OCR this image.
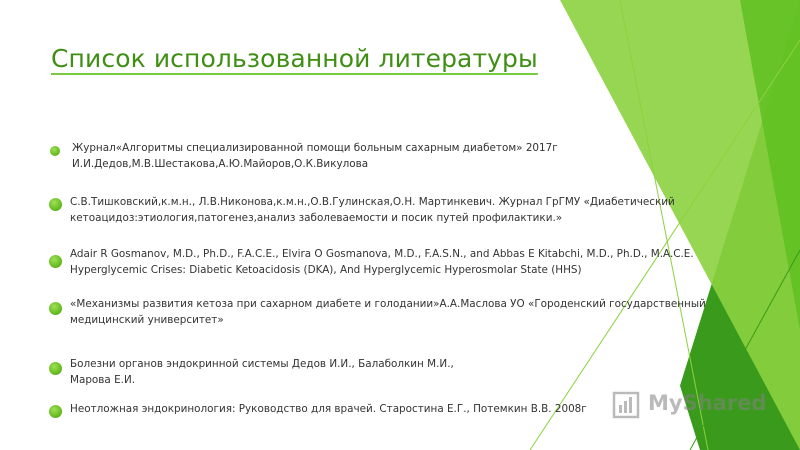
Список использованной литературы
Журнал«Алгоритмы специализированной помощи больным сахарным диабетом» 2017г
И.И.Дедов,М.В.Шестакова,А.Ю.Майоров,О.К.Викулова
С.В.Тишковский,к.м.н., Л.В.Никонова,к.м.н.,О.В.Гулинская,О.Н. Мартинкевич. Журнал ГрГМУ «Диабетический
кетоацидоз:этиология,патогенез,анализ заболеваемости и посик путей профилактики.»
Adair R Gosmanov, M.D., Ph.D., F.A.C.E., Elvira O Gosmanova, M.D., F.A.S.N., and Abbas E Kitabchi, M.D., Ph.D., M.A.C.E.
Hyperglycemic Crises: Diabetic Ketoacidosis (DKA), And Hyperglycemic Hyperosmolar State (HHS)
«Механизмы развития кетоза при сахарном диабете и голодании»А.А.Маслова УО «Городенский государственный
медицинский университет»
Болезни органов эндокринной системы Дедов И.И., Балаболкин М.И.,
Марова Е.И.
Неотложная эндокринология: Руководство для врачей. Старостина Е.Г., Потемкин В.В. 2008г	MyShared
